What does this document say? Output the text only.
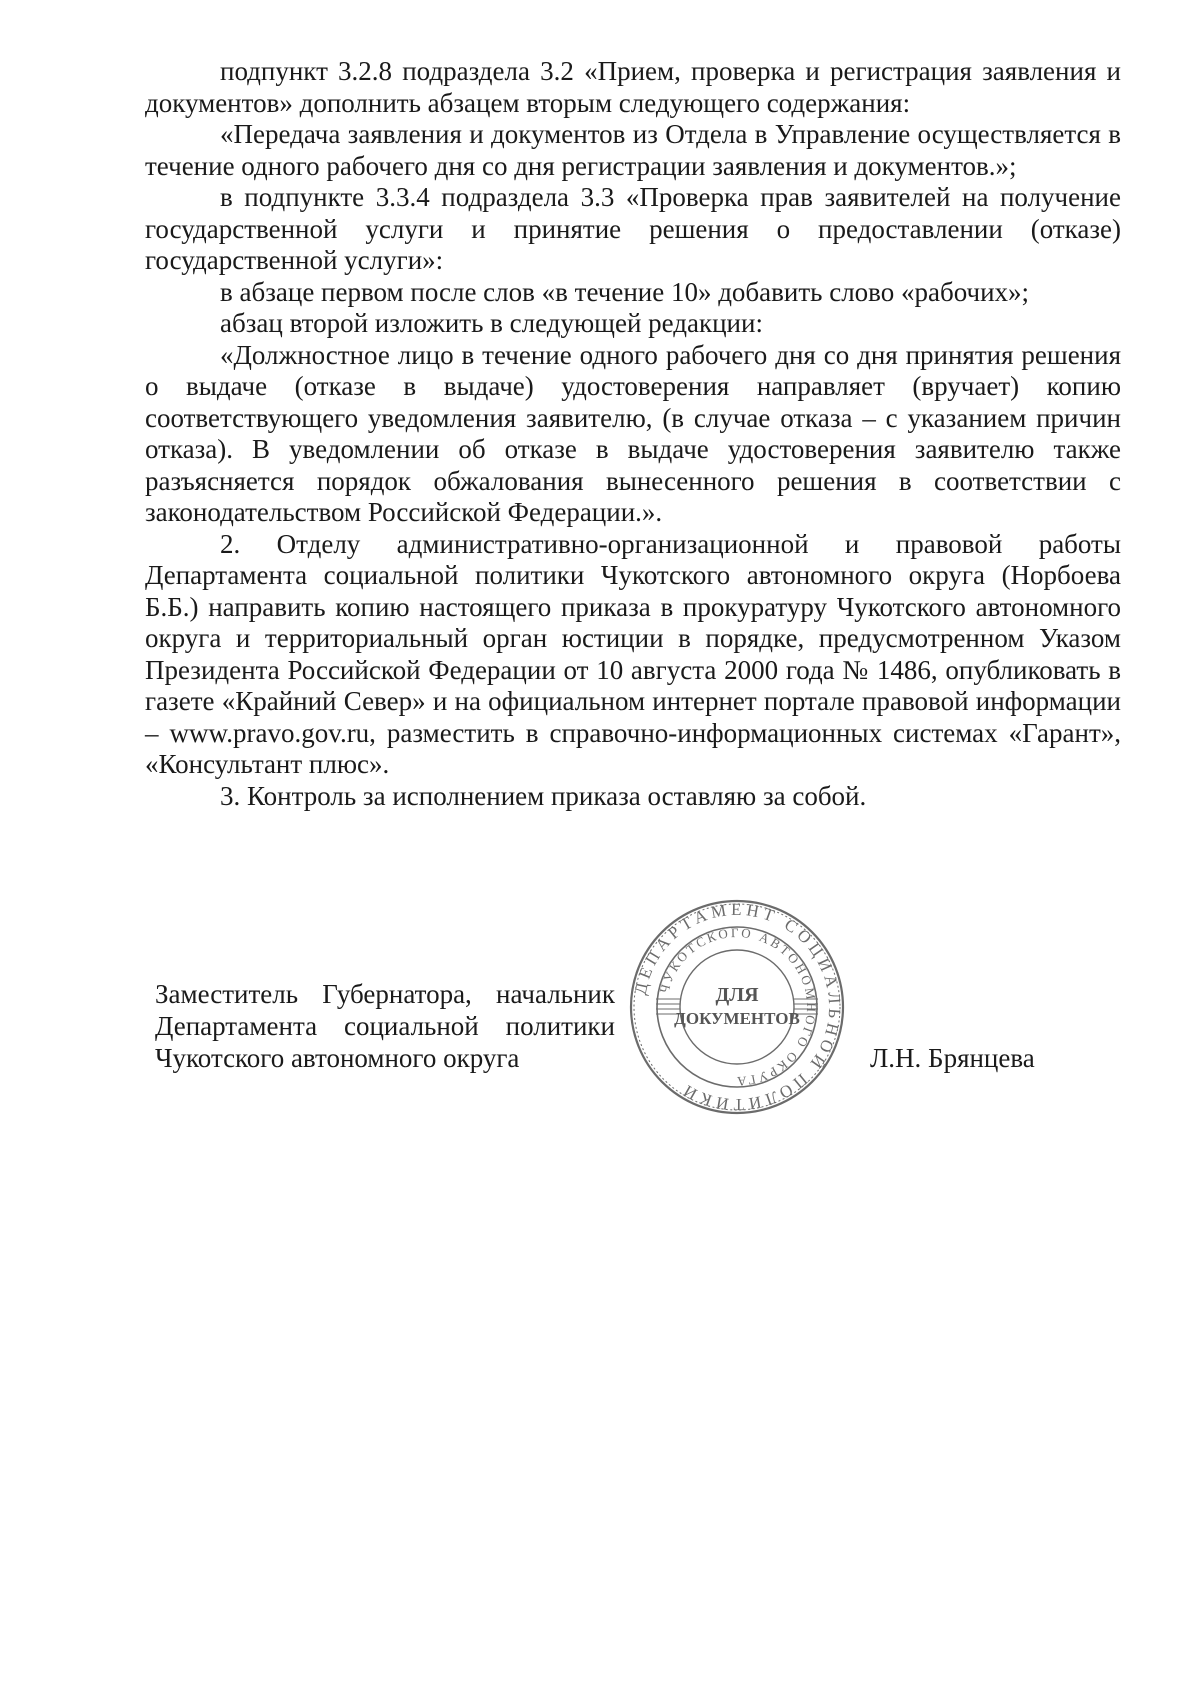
подпункт 3.2.8 подраздела 3.2 «Прием, проверка и регистрация заявления и документов» дополнить абзацем вторым следующего содержания:

«Передача заявления и документов из Отдела в Управление осуществляется в течение одного рабочего дня со дня регистрации заявления и документов.»;

в подпункте 3.3.4 подраздела 3.3 «Проверка прав заявителей на получение государственной услуги и принятие решения о предоставлении (отказе) государственной услуги»:

в абзаце первом после слов «в течение 10» добавить слово «рабочих»;

абзац второй изложить в следующей редакции:

«Должностное лицо в течение одного рабочего дня со дня принятия решения о выдаче (отказе в выдаче) удостоверения направляет (вручает) копию соответствующего уведомления заявителю, (в случае отказа – с указанием причин отказа). В уведомлении об отказе в выдаче удостоверения заявителю также разъясняется порядок обжалования вынесенного решения в соответствии с законодательством Российской Федерации.».

2. Отделу административно-организационной и правовой работы Департамента социальной политики Чукотского автономного округа (Норбоева Б.Б.) направить копию настоящего приказа в прокуратуру Чукотского автономного округа и территориальный орган юстиции в порядке, предусмотренном Указом Президента Российской Федерации от 10 августа 2000 года № 1486, опубликовать в газете «Крайний Север» и на официальном интернет портале правовой информации – www.pravo.gov.ru, разместить в справочно-информационных системах «Гарант», «Консультант плюс».

3. Контроль за исполнением приказа оставляю за собой.

Заместитель Губернатора, начальник
Департамента социальной политики
Чукотского автономного округа
ДЕПАРТАМЕНТ СОЦИАЛЬНОЙ ПОЛИТИКИ
ЧУКОТСКОГО АВТОНОМНОГО ОКРУГА
ДЛЯ
ДОКУМЕНТОВ
Л.Н. Брянцева
